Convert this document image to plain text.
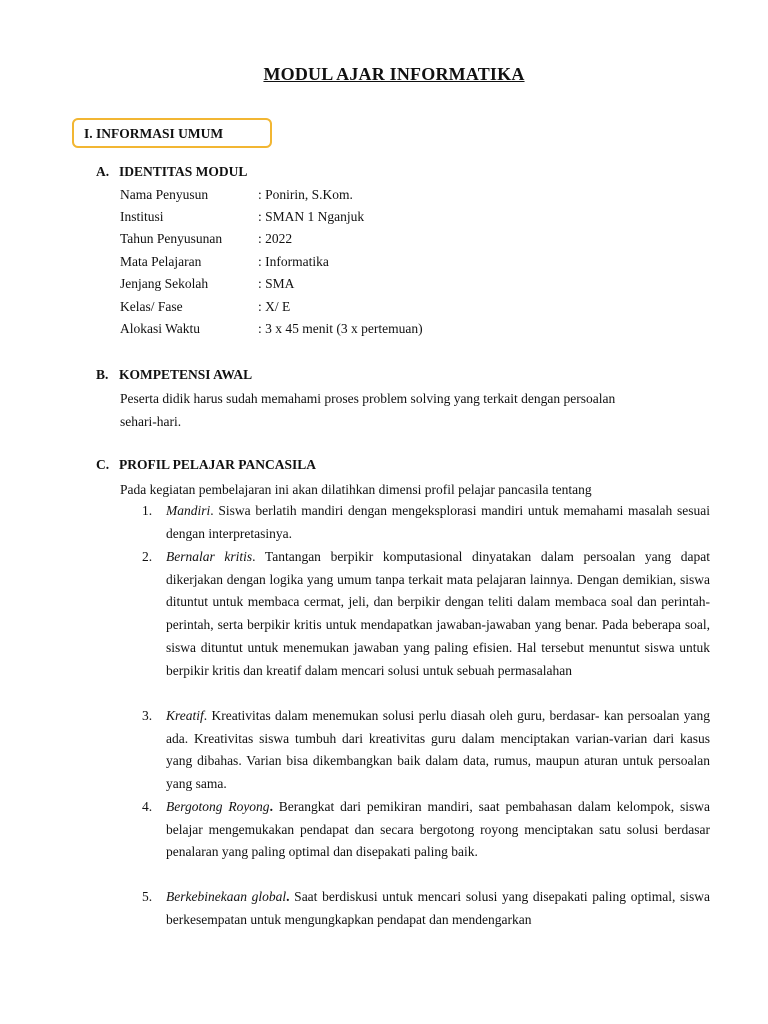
MODUL AJAR INFORMATIKA
I. INFORMASI UMUM
A. IDENTITAS MODUL
Nama Penyusun	: Ponirin, S.Kom.
Institusi	: SMAN 1 Nganjuk
Tahun Penyusunan	: 2022
Mata Pelajaran	: Informatika
Jenjang Sekolah	: SMA
Kelas/ Fase	: X/ E
Alokasi Waktu	: 3 x 45 menit (3 x pertemuan)
B. KOMPETENSI AWAL
Peserta didik harus sudah memahami proses problem solving yang terkait dengan persoalan
sehari-hari.
C. PROFIL PELAJAR PANCASILA
Pada kegiatan pembelajaran ini akan dilatihkan dimensi profil pelajar pancasila tentang
1. Mandiri. Siswa berlatih mandiri dengan mengeksplorasi mandiri untuk memahami masalah sesuai dengan interpretasinya.
2. Bernalar kritis. Tantangan berpikir komputasional dinyatakan dalam persoalan yang dapat dikerjakan dengan logika yang umum tanpa terkait mata pelajaran lainnya. Dengan demikian, siswa dituntut untuk membaca cermat, jeli, dan berpikir dengan teliti dalam membaca soal dan perintah- perintah, serta berpikir kritis untuk mendapatkan jawaban-jawaban yang benar. Pada beberapa soal, siswa dituntut untuk menemukan jawaban yang paling efisien. Hal tersebut menuntut siswa untuk berpikir kritis dan kreatif dalam mencari solusi untuk sebuah permasalahan
3. Kreatif. Kreativitas dalam menemukan solusi perlu diasah oleh guru, berdasar- kan persoalan yang ada. Kreativitas siswa tumbuh dari kreativitas guru dalam menciptakan varian-varian dari kasus yang dibahas. Varian bisa dikembangkan baik dalam data, rumus, maupun aturan untuk persoalan yang sama.
4. Bergotong Royong. Berangkat dari pemikiran mandiri, saat pembahasan dalam kelompok, siswa belajar mengemukakan pendapat dan secara bergotong royong menciptakan satu solusi berdasar penalaran yang paling optimal dan disepakati paling baik.
5. Berkebinekaan global. Saat berdiskusi untuk mencari solusi yang disepakati paling optimal, siswa berkesempatan untuk mengungkapkan pendapat dan mendengarkan
